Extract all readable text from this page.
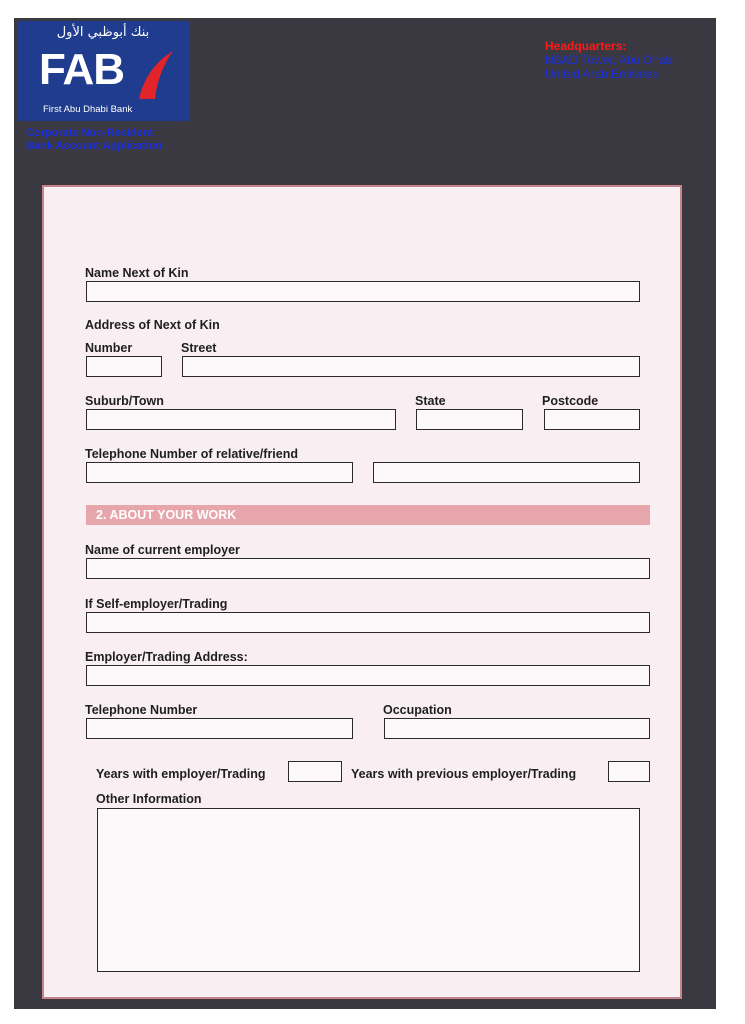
بنك أبوظبي الأول
FAB
First Abu Dhabi Bank
Corporate Non-Resident
Bank Account Application
Headquarters:
NBAD Tower, Abu Dhabi
United Arab Emirates
Name Next of Kin
Address of Next of Kin
Number	Street
Suburb/Town	State	Postcode
Telephone Number of relative/friend
2. ABOUT YOUR WORK
Name of current employer
If Self-employer/Trading
Employer/Trading Address:
Telephone Number	Occupation
Years with employer/Trading	Years with previous employer/Trading
Other Information
